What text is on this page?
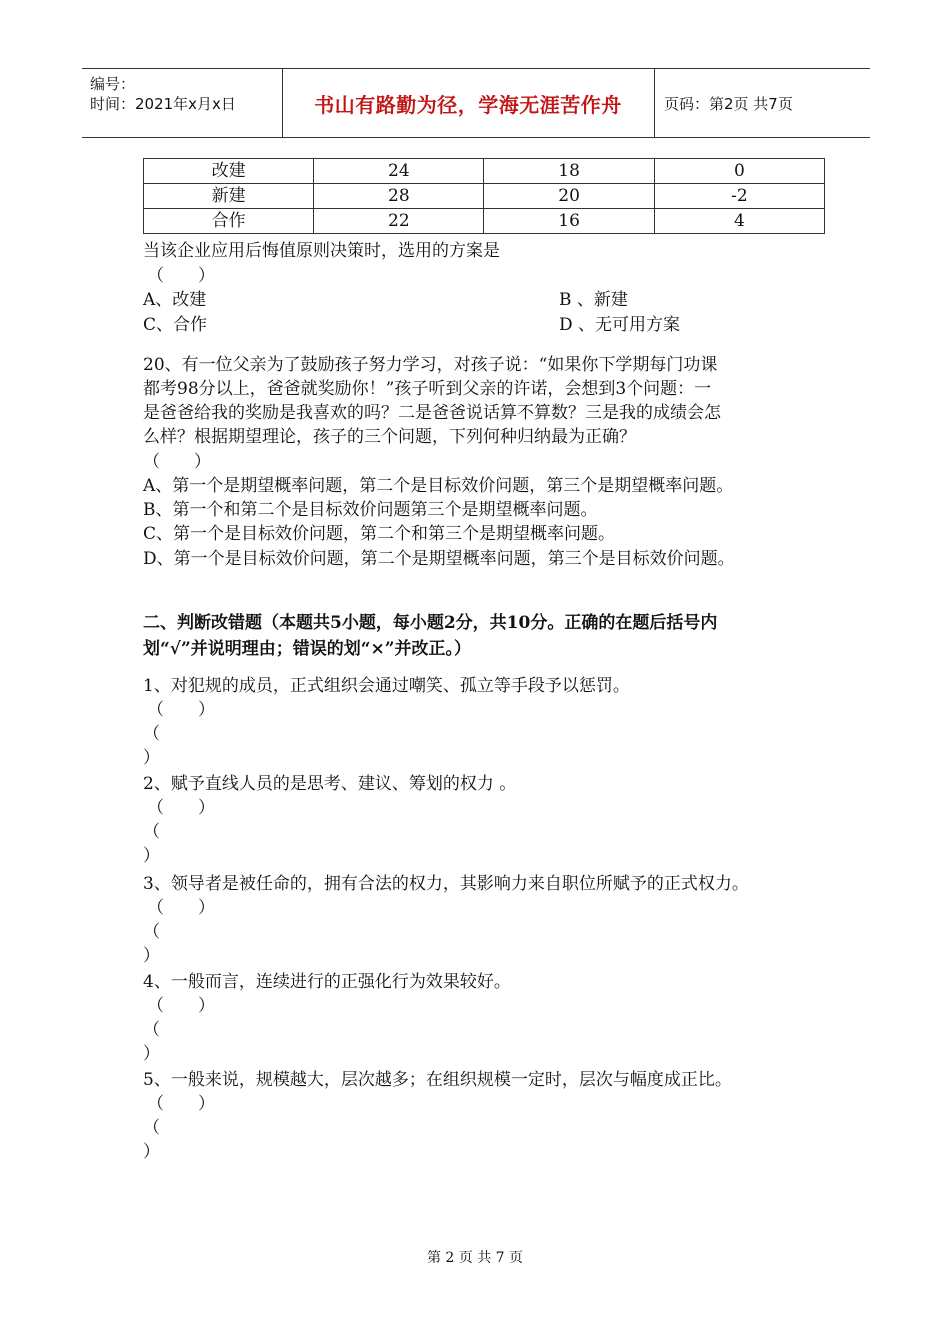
编号：
时间：2021年x月x日	书山有路勤为径，学海无涯苦作舟	页码：第2页 共7页
改建	24	18	0
新建	28	20	-2
合作	22	16	4
当该企业应用后悔值原则决策时，选用的方案是
（　　）
A、改建	B 、新建
C、合作	D 、无可用方案
20、有一位父亲为了鼓励孩子努力学习，对孩子说：“如果你下学期每门功课
都考98分以上，爸爸就奖励你！”孩子听到父亲的许诺，会想到3个问题：一
是爸爸给我的奖励是我喜欢的吗？二是爸爸说话算不算数？三是我的成绩会怎
么样？根据期望理论，孩子的三个问题，下列何种归纳最为正确？
（　　）
A、第一个是期望概率问题，第二个是目标效价问题，第三个是期望概率问题。
B、第一个和第二个是目标效价问题第三个是期望概率问题。
C、第一个是目标效价问题，第二个和第三个是期望概率问题。
D、第一个是目标效价问题，第二个是期望概率问题，第三个是目标效价问题。
二、判断改错题（本题共5小题，每小题2分，共10分。正确的在题后括号内
划“√”并说明理由；错误的划“×”并改正。）
1、对犯规的成员，正式组织会通过嘲笑、孤立等手段予以惩罚。
（　　）
（
）
2、赋予直线人员的是思考、建议、筹划的权力 。
（　　）
（
）
3、领导者是被任命的，拥有合法的权力，其影响力来自职位所赋予的正式权力。
（　　）
（
）
4、一般而言，连续进行的正强化行为效果较好。
（　　）
（
）
5、一般来说，规模越大，层次越多；在组织规模一定时，层次与幅度成正比。
（　　）
（
）
第 2 页 共 7 页
